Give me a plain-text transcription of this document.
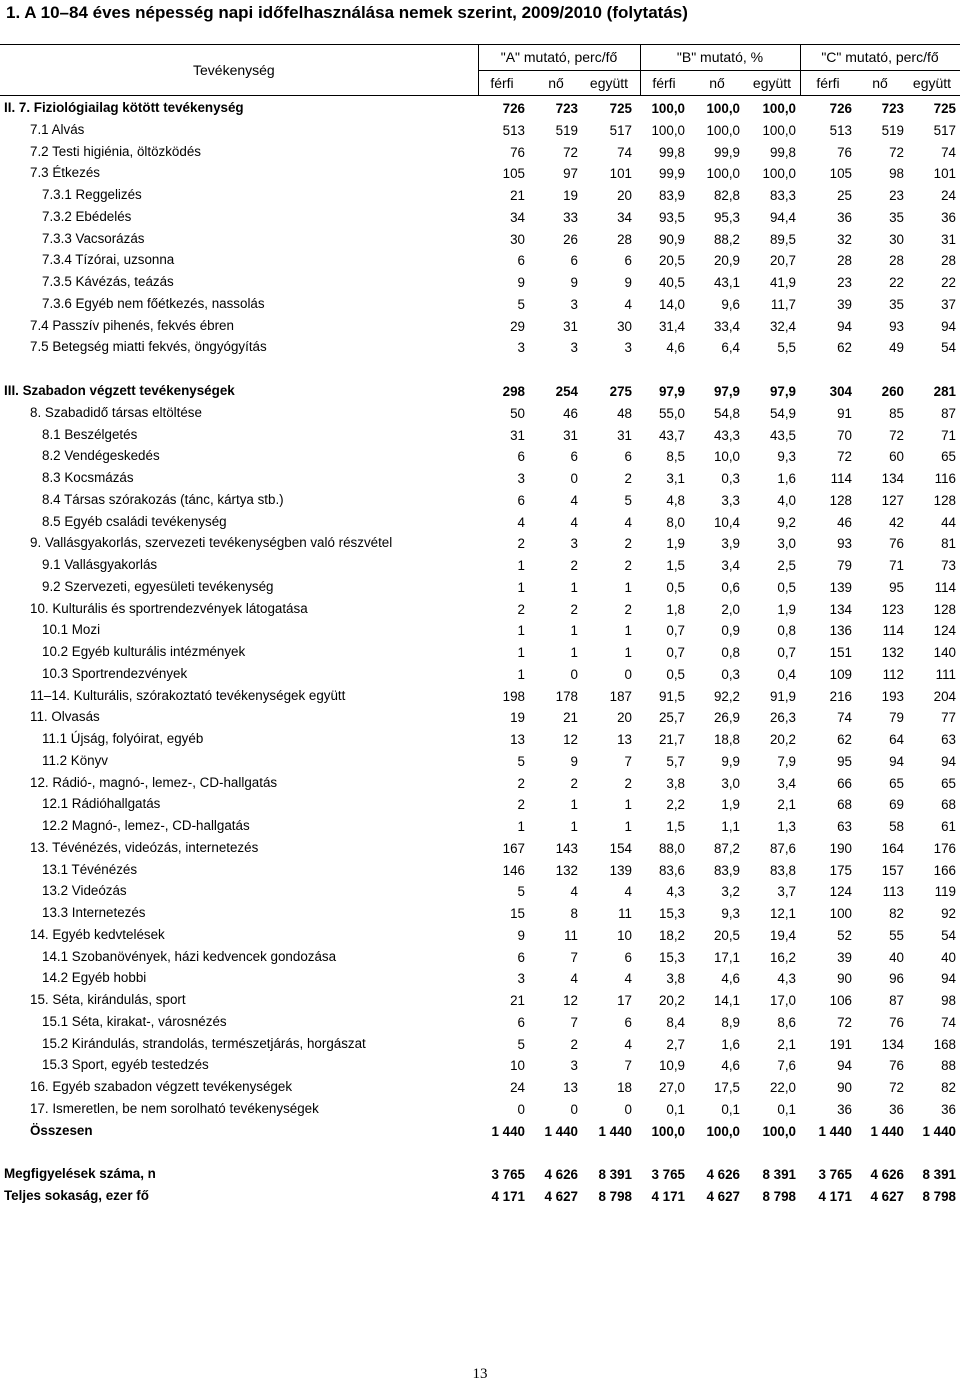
1. A 10–84 éves népesség napi időfelhasználása nemek szerint, 2009/2010 (folytatás)
Tevékenység
"A" mutató, perc/fő	"B" mutató, %	"C" mutató, perc/fő
férfi	nő	együtt	férfi	nő	együtt	férfi	nő	együtt
II. 7. Fiziológiailag kötött tevékenység	726	723	725	100,0	100,0	100,0	726	723	725
7.1 Alvás	513	519	517	100,0	100,0	100,0	513	519	517
7.2 Testi higiénia, öltözködés	76	72	74	99,8	99,9	99,8	76	72	74
7.3 Étkezés	105	97	101	99,9	100,0	100,0	105	98	101
7.3.1 Reggelizés	21	19	20	83,9	82,8	83,3	25	23	24
7.3.2 Ebédelés	34	33	34	93,5	95,3	94,4	36	35	36
7.3.3 Vacsorázás	30	26	28	90,9	88,2	89,5	32	30	31
7.3.4 Tízórai, uzsonna	6	6	6	20,5	20,9	20,7	28	28	28
7.3.5 Kávézás, teázás	9	9	9	40,5	43,1	41,9	23	22	22
7.3.6 Egyéb nem főétkezés, nassolás	5	3	4	14,0	9,6	11,7	39	35	37
7.4 Passzív pihenés, fekvés ébren	29	31	30	31,4	33,4	32,4	94	93	94
7.5 Betegség miatti fekvés, öngyógyítás	3	3	3	4,6	6,4	5,5	62	49	54
III. Szabadon végzett tevékenységek	298	254	275	97,9	97,9	97,9	304	260	281
8. Szabadidő társas eltöltése	50	46	48	55,0	54,8	54,9	91	85	87
8.1 Beszélgetés	31	31	31	43,7	43,3	43,5	70	72	71
8.2 Vendégeskedés	6	6	6	8,5	10,0	9,3	72	60	65
8.3 Kocsmázás	3	0	2	3,1	0,3	1,6	114	134	116
8.4 Társas szórakozás (tánc, kártya stb.)	6	4	5	4,8	3,3	4,0	128	127	128
8.5 Egyéb családi tevékenység	4	4	4	8,0	10,4	9,2	46	42	44
9. Vallásgyakorlás, szervezeti tevékenységben való részvétel	2	3	2	1,9	3,9	3,0	93	76	81
9.1 Vallásgyakorlás	1	2	2	1,5	3,4	2,5	79	71	73
9.2 Szervezeti, egyesületi tevékenység	1	1	1	0,5	0,6	0,5	139	95	114
10. Kulturális és sportrendezvények látogatása	2	2	2	1,8	2,0	1,9	134	123	128
10.1 Mozi	1	1	1	0,7	0,9	0,8	136	114	124
10.2 Egyéb kulturális intézmények	1	1	1	0,7	0,8	0,7	151	132	140
10.3 Sportrendezvények	1	0	0	0,5	0,3	0,4	109	112	111
11–14. Kulturális, szórakoztató tevékenységek együtt	198	178	187	91,5	92,2	91,9	216	193	204
11. Olvasás	19	21	20	25,7	26,9	26,3	74	79	77
11.1 Újság, folyóirat, egyéb	13	12	13	21,7	18,8	20,2	62	64	63
11.2 Könyv	5	9	7	5,7	9,9	7,9	95	94	94
12. Rádió-, magnó-, lemez-, CD-hallgatás	2	2	2	3,8	3,0	3,4	66	65	65
12.1 Rádióhallgatás	2	1	1	2,2	1,9	2,1	68	69	68
12.2 Magnó-, lemez-, CD-hallgatás	1	1	1	1,5	1,1	1,3	63	58	61
13. Tévénézés, videózás, internetezés	167	143	154	88,0	87,2	87,6	190	164	176
13.1 Tévénézés	146	132	139	83,6	83,9	83,8	175	157	166
13.2 Videózás	5	4	4	4,3	3,2	3,7	124	113	119
13.3 Internetezés	15	8	11	15,3	9,3	12,1	100	82	92
14. Egyéb kedvtelések	9	11	10	18,2	20,5	19,4	52	55	54
14.1 Szobanövények, házi kedvencek gondozása	6	7	6	15,3	17,1	16,2	39	40	40
14.2 Egyéb hobbi	3	4	4	3,8	4,6	4,3	90	96	94
15. Séta, kirándulás, sport	21	12	17	20,2	14,1	17,0	106	87	98
15.1 Séta, kirakat-, városnézés	6	7	6	8,4	8,9	8,6	72	76	74
15.2 Kirándulás, strandolás, természetjárás, horgászat	5	2	4	2,7	1,6	2,1	191	134	168
15.3 Sport, egyéb testedzés	10	3	7	10,9	4,6	7,6	94	76	88
16. Egyéb szabadon végzett tevékenységek	24	13	18	27,0	17,5	22,0	90	72	82
17. Ismeretlen, be nem sorolható tevékenységek	0	0	0	0,1	0,1	0,1	36	36	36
Összesen	1 440	1 440	1 440	100,0	100,0	100,0	1 440	1 440	1 440
Megfigyelések száma, n	3 765	4 626	8 391	3 765	4 626	8 391	3 765	4 626	8 391
Teljes sokaság, ezer fő	4 171	4 627	8 798	4 171	4 627	8 798	4 171	4 627	8 798
13
